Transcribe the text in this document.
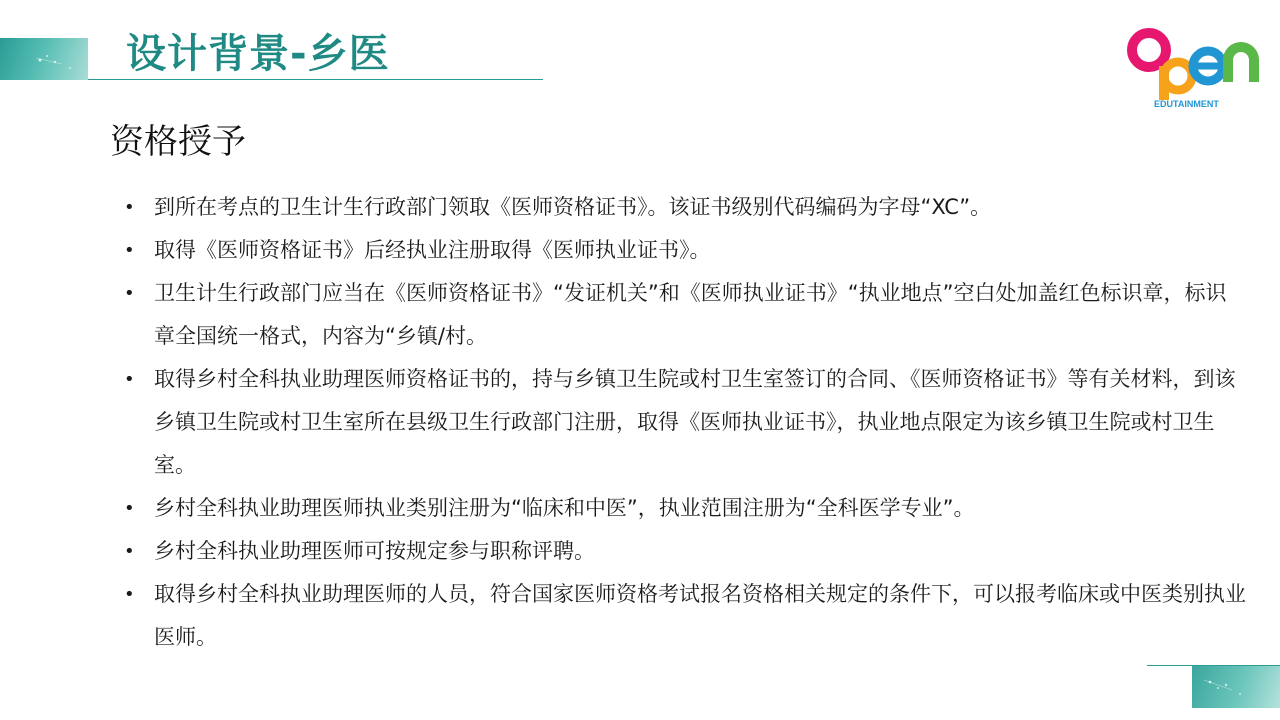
设计背景-乡医
EDUTAINMENT
资格授予
• 到所在考点的卫生计生行政部门领取《医师资格证书》。该证书级别代码编码为字母“XC”。
• 取得《医师资格证书》后经执业注册取得《医师执业证书》。
• 卫生计生行政部门应当在《医师资格证书》“发证机关”和《医师执业证书》“执业地点”空白处加盖红色标识章，标识章全国统一格式，内容为“乡镇/村。
• 取得乡村全科执业助理医师资格证书的，持与乡镇卫生院或村卫生室签订的合同、《医师资格证书》等有关材料，到该乡镇卫生院或村卫生室所在县级卫生行政部门注册，取得《医师执业证书》，执业地点限定为该乡镇卫生院或村卫生室。
• 乡村全科执业助理医师执业类别注册为“临床和中医”，执业范围注册为“全科医学专业”。
• 乡村全科执业助理医师可按规定参与职称评聘。
• 取得乡村全科执业助理医师的人员，符合国家医师资格考试报名资格相关规定的条件下，可以报考临床或中医类别执业医师。
